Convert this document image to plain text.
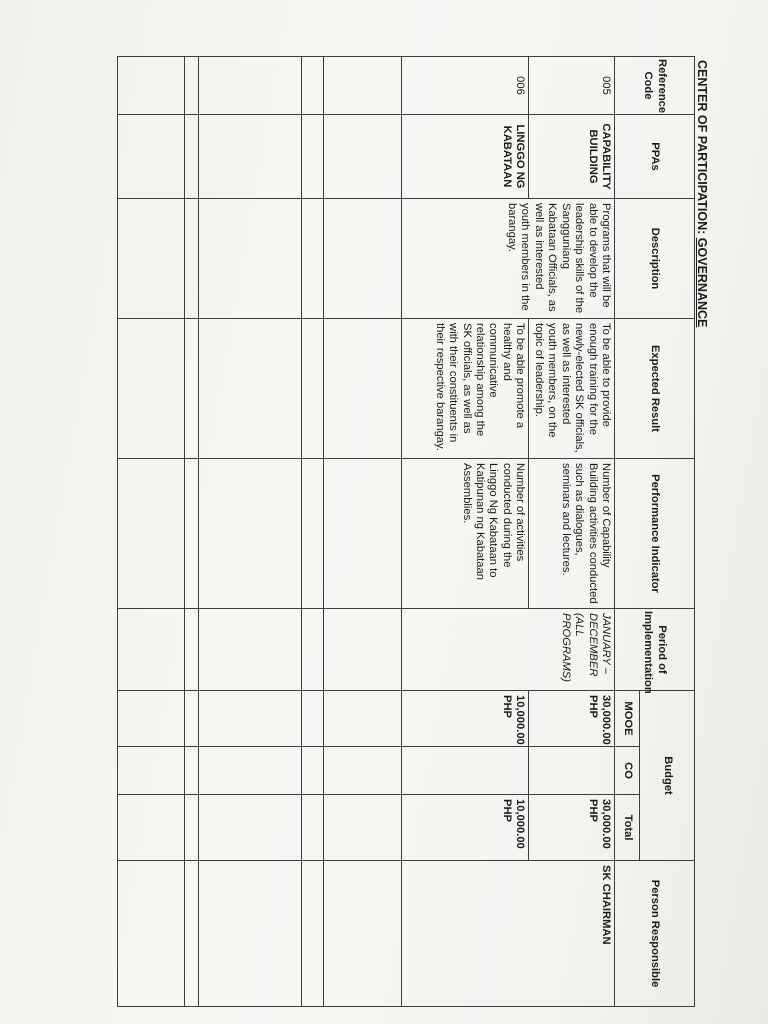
CENTER OF PARTICIPATION: GOVERNANCE
Reference Code	PPAs	Description	Expected Result	Performance Indicator	Period of Implementation	Budget			Person Responsible
						MOOE	CO	Total	
005	CAPABILITY BUILDING	Programs that will be able to develop the leadership skills of the Sangguniang Kabataan Officials, as well as interested youth members in the barangay.	To be able to provide enough training for the newly-elected SK officials, as well as interested youth members, on the topic of leadership.	Number of Capability Building activities conducted such as dialogues, seminars and lectures.	JANUARY – DECEMBER (ALL PROGRAMS)	30,000.00 PHP		30,000.00 PHP	SK CHAIRMAN
006	LINGGO NG KABATAAN		To be able promote a healthy and communicative relationship among the SK officials, as well as with their constituents in their respective barangay.	Number of activities conducted during the Linggo Ng Kabataan to Katipunan ng Kabataan Assemblies.		10,000.00 PHP		10,000.00 PHP	
